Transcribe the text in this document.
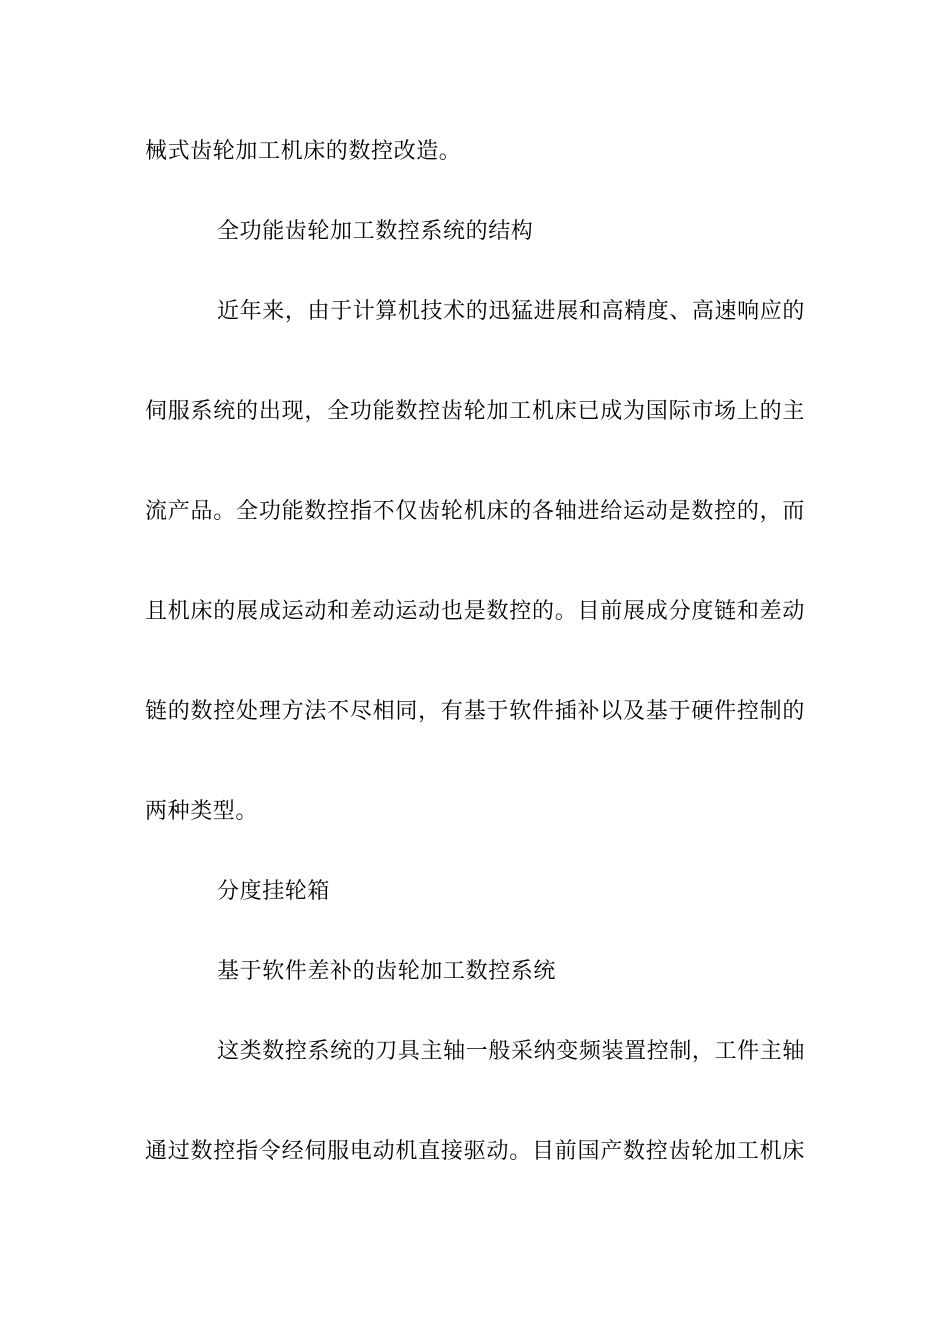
械式齿轮加工机床的数控改造。
全功能齿轮加工数控系统的结构
近年来，由于计算机技术的迅猛进展和高精度、高速响应的
伺服系统的出现，全功能数控齿轮加工机床已成为国际市场上的主
流产品。全功能数控指不仅齿轮机床的各轴进给运动是数控的，而
且机床的展成运动和差动运动也是数控的。目前展成分度链和差动
链的数控处理方法不尽相同，有基于软件插补以及基于硬件控制的
两种类型。
分度挂轮箱
基于软件差补的齿轮加工数控系统
这类数控系统的刀具主轴一般采纳变频装置控制，工件主轴
通过数控指令经伺服电动机直接驱动。目前国产数控齿轮加工机床
